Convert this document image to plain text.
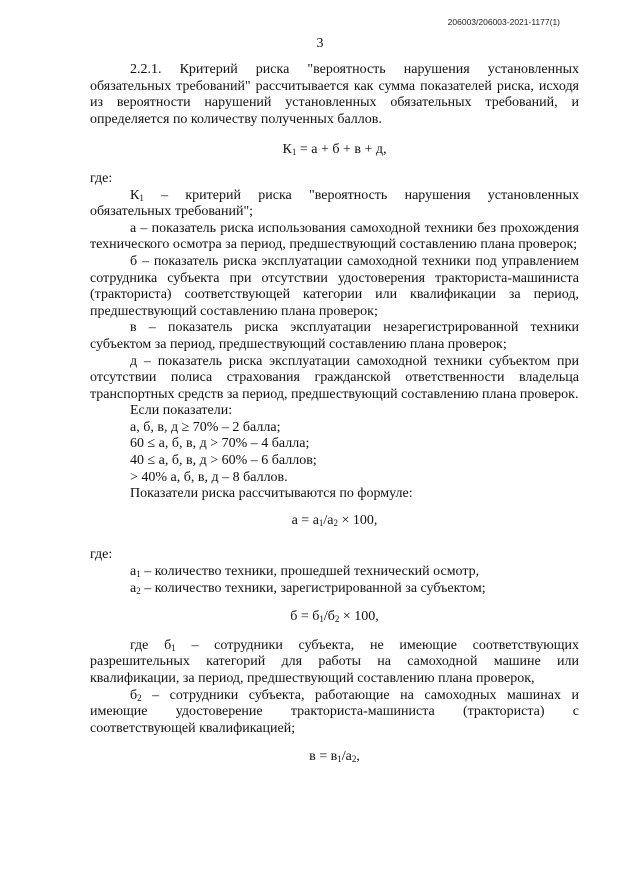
206003/206003-2021-1177(1)
3

2.2.1. Критерий риска "вероятность нарушения установленных обязательных требований" рассчитывается как сумма показателей риска, исходя из вероятности нарушений установленных обязательных требований, и определяется по количеству полученных баллов.

$К_1 = а + б + в + д$,

где:

$К_1$ – критерий риска "вероятность нарушения установленных обязательных требований";

а – показатель риска использования самоходной техники без прохождения технического осмотра за период, предшествующий составлению плана проверок;

б – показатель риска эксплуатации самоходной техники под управлением сотрудника субъекта при отсутствии удостоверения тракториста-машиниста (тракториста) соответствующей категории или квалификации за период, предшествующий составлению плана проверок;

в – показатель риска эксплуатации незарегистрированной техники субъектом за период, предшествующий составлению плана проверок;

д – показатель риска эксплуатации самоходной техники субъектом при отсутствии полиса страхования гражданской ответственности владельца транспортных средств за период, предшествующий составлению плана проверок.

Если показатели:

а, б, в, д ≥ 70% – 2 балла;

60 ≤ а, б, в, д > 70% – 4 балла;

40 ≤ а, б, в, д > 60% – 6 баллов;

> 40% а, б, в, д – 8 баллов.

Показатели риска рассчитываются по формуле:

$а = а_1/а_2 \times 100$,

где:

$а_1$ – количество техники, прошедшей технический осмотр,

$а_2$ – количество техники, зарегистрированной за субъектом;

$б = б_1/б_2 \times 100$,

где $б_1$ – сотрудники субъекта, не имеющие соответствующих разрешительных категорий для работы на самоходной машине или квалификации, за период, предшествующий составлению плана проверок,

$б_2$ – сотрудники субъекта, работающие на самоходных машинах и имеющие удостоверение тракториста-машиниста (тракториста) с соответствующей квалификацией;

$в = в_1/а_2$,
